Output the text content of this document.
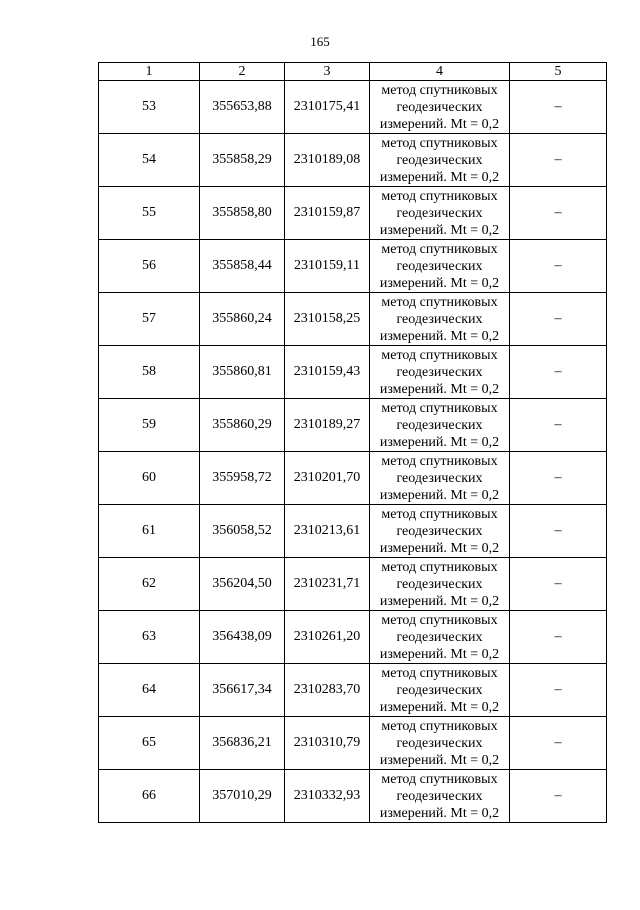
165
1	2	3	4	5
53	355653,88	2310175,41	метод спутниковых
геодезических
измерений. Mt = 0,2	–
54	355858,29	2310189,08	метод спутниковых
геодезических
измерений. Mt = 0,2	–
55	355858,80	2310159,87	метод спутниковых
геодезических
измерений. Mt = 0,2	–
56	355858,44	2310159,11	метод спутниковых
геодезических
измерений. Mt = 0,2	–
57	355860,24	2310158,25	метод спутниковых
геодезических
измерений. Mt = 0,2	–
58	355860,81	2310159,43	метод спутниковых
геодезических
измерений. Mt = 0,2	–
59	355860,29	2310189,27	метод спутниковых
геодезических
измерений. Mt = 0,2	–
60	355958,72	2310201,70	метод спутниковых
геодезических
измерений. Mt = 0,2	–
61	356058,52	2310213,61	метод спутниковых
геодезических
измерений. Mt = 0,2	–
62	356204,50	2310231,71	метод спутниковых
геодезических
измерений. Mt = 0,2	–
63	356438,09	2310261,20	метод спутниковых
геодезических
измерений. Mt = 0,2	–
64	356617,34	2310283,70	метод спутниковых
геодезических
измерений. Mt = 0,2	–
65	356836,21	2310310,79	метод спутниковых
геодезических
измерений. Mt = 0,2	–
66	357010,29	2310332,93	метод спутниковых
геодезических
измерений. Mt = 0,2	–
